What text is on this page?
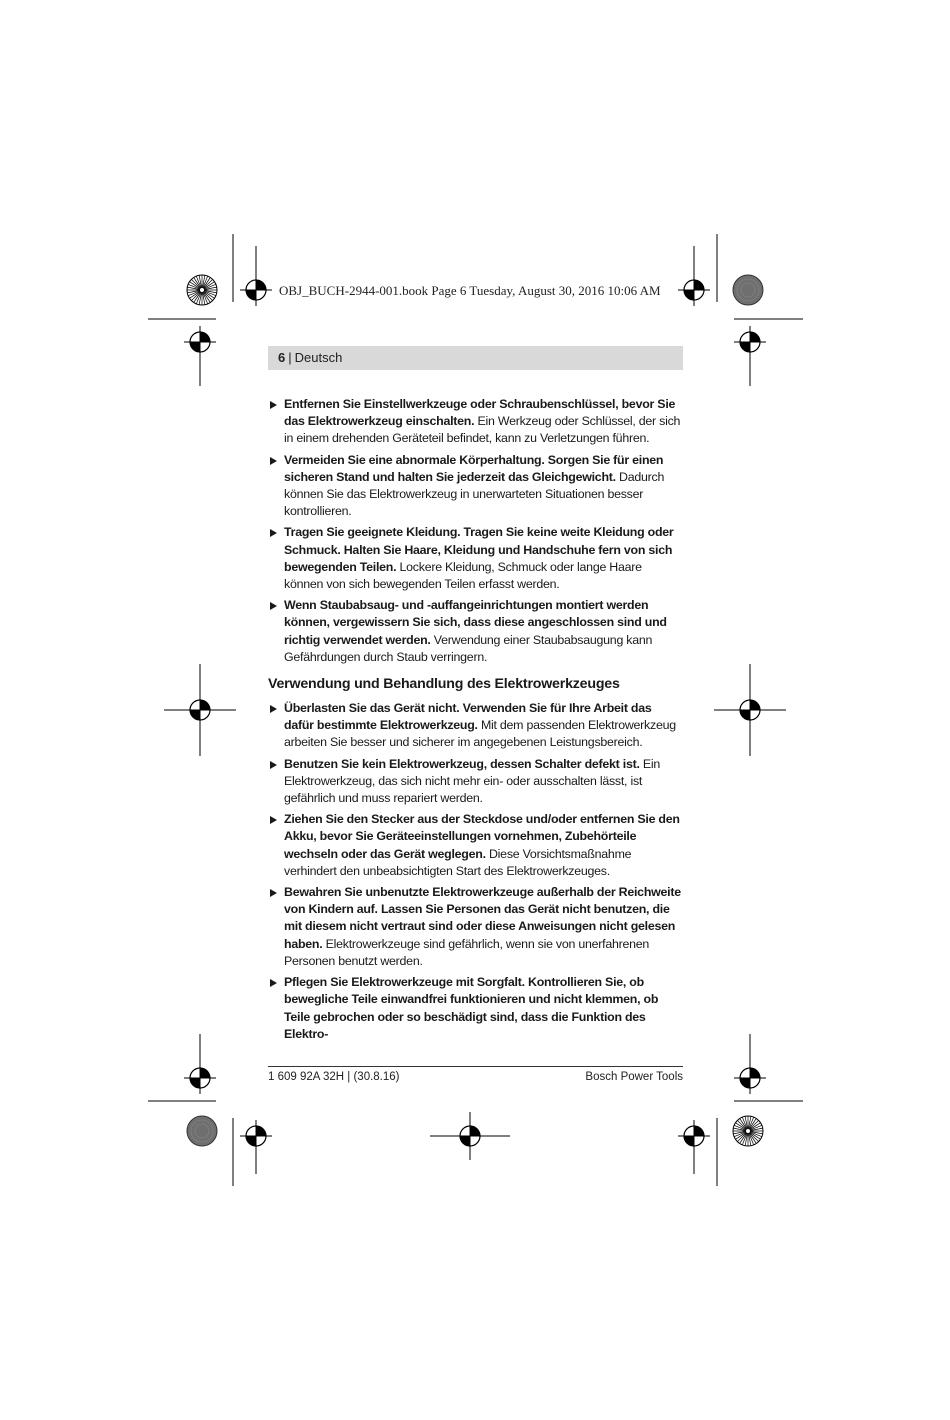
OBJ_BUCH-2944-001.book Page 6 Tuesday, August 30, 2016 10:06 AM
6 | Deutsch
Entfernen Sie Einstellwerkzeuge oder Schraubenschlüssel, bevor Sie das Elektrowerkzeug einschalten. Ein Werkzeug oder Schlüssel, der sich in einem drehenden Geräteteil befindet, kann zu Verletzungen führen.
Vermeiden Sie eine abnormale Körperhaltung. Sorgen Sie für einen sicheren Stand und halten Sie jederzeit das Gleichgewicht. Dadurch können Sie das Elektrowerkzeug in unerwarteten Situationen besser kontrollieren.
Tragen Sie geeignete Kleidung. Tragen Sie keine weite Kleidung oder Schmuck. Halten Sie Haare, Kleidung und Handschuhe fern von sich bewegenden Teilen. Lockere Kleidung, Schmuck oder lange Haare können von sich bewegenden Teilen erfasst werden.
Wenn Staubabsaug- und -auffangeinrichtungen montiert werden können, vergewissern Sie sich, dass diese angeschlossen sind und richtig verwendet werden. Verwendung einer Staubabsaugung kann Gefährdungen durch Staub verringern.
Verwendung und Behandlung des Elektrowerkzeuges
Überlasten Sie das Gerät nicht. Verwenden Sie für Ihre Arbeit das dafür bestimmte Elektrowerkzeug. Mit dem passenden Elektrowerkzeug arbeiten Sie besser und sicherer im angegebenen Leistungsbereich.
Benutzen Sie kein Elektrowerkzeug, dessen Schalter defekt ist. Ein Elektrowerkzeug, das sich nicht mehr ein- oder ausschalten lässt, ist gefährlich und muss repariert werden.
Ziehen Sie den Stecker aus der Steckdose und/oder entfernen Sie den Akku, bevor Sie Geräteeinstellungen vornehmen, Zubehörteile wechseln oder das Gerät weglegen. Diese Vorsichtsmaßnahme verhindert den unbeabsichtigten Start des Elektrowerkzeuges.
Bewahren Sie unbenutzte Elektrowerkzeuge außerhalb der Reichweite von Kindern auf. Lassen Sie Personen das Gerät nicht benutzen, die mit diesem nicht vertraut sind oder diese Anweisungen nicht gelesen haben. Elektrowerkzeuge sind gefährlich, wenn sie von unerfahrenen Personen benutzt werden.
Pflegen Sie Elektrowerkzeuge mit Sorgfalt. Kontrollieren Sie, ob bewegliche Teile einwandfrei funktionieren und nicht klemmen, ob Teile gebrochen oder so beschädigt sind, dass die Funktion des Elektro-
1 609 92A 32H | (30.8.16)	Bosch Power Tools
